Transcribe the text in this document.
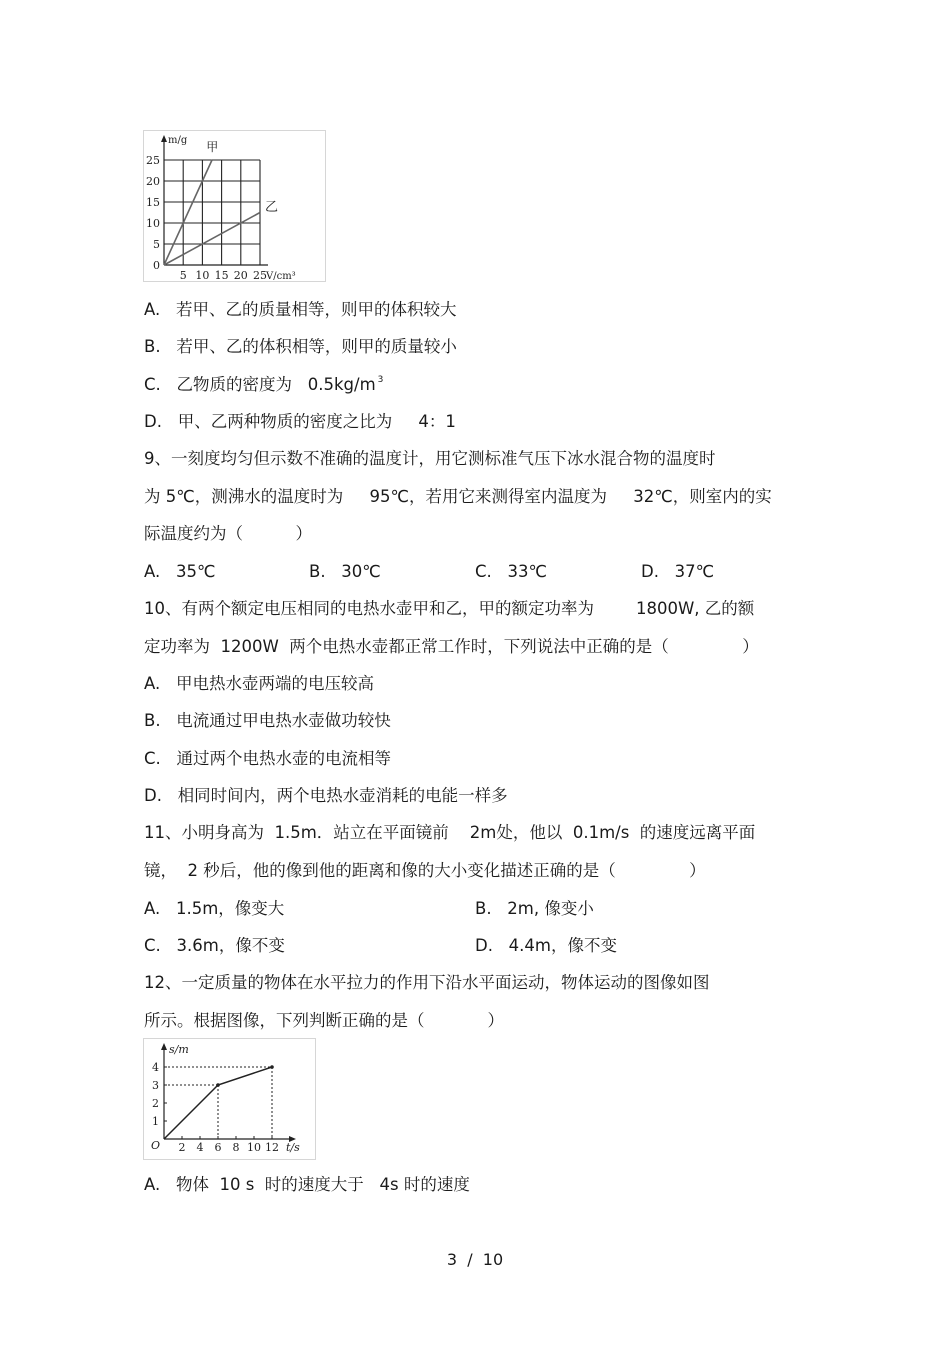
5
10
15
20
25
0
5 10 15 20 25 V/cm³
m/g 甲
乙
A. 若甲、乙的质量相等，则甲的体积较大
B. 若甲、乙的体积相等，则甲的质量较小
C. 乙物质的密度为   0.5kg/m $^3$
D. 甲、乙两种物质的密度之比为     4：1
9、一刻度均匀但示数不准确的温度计，用它测标准气压下冰水混合物的温度时
为 5℃，测沸水的温度时为     95℃，若用它来测得室内温度为     32℃，则室内的实
际温度约为（          ）
A.   35℃	B.   30℃	C.   33℃	D.   37℃
10、有两个额定电压相同的电热水壶甲和乙，甲的额定功率为        1800W, 乙的额
定功率为  1200W  两个电热水壶都正常工作时，下列说法中正确的是（              ）
A.   甲电热水壶两端的电压较高
B.   电流通过甲电热水壶做功较快
C.   通过两个电热水壶的电流相等
D.   相同时间内，两个电热水壶消耗的电能一样多
11、小明身高为  1.5m．站立在平面镜前    2m处，他以  0.1m/s  的速度远离平面
镜，  2 秒后，他的像到他的距离和像的大小变化描述正确的是（              ）
A.   1.5m，像变大	B.   2m, 像变小
C.   3.6m，像不变	D.   4.4m，像不变
12、一定质量的物体在水平拉力的作用下沿水平面运动，物体运动的图像如图
所示。根据图像，下列判断正确的是（            ）
1
2
3
4
2 4 6 8 10 12
O	t/s
s/m
A.   物体  10 s  时的速度大于   4s 时的速度
3  /  10
